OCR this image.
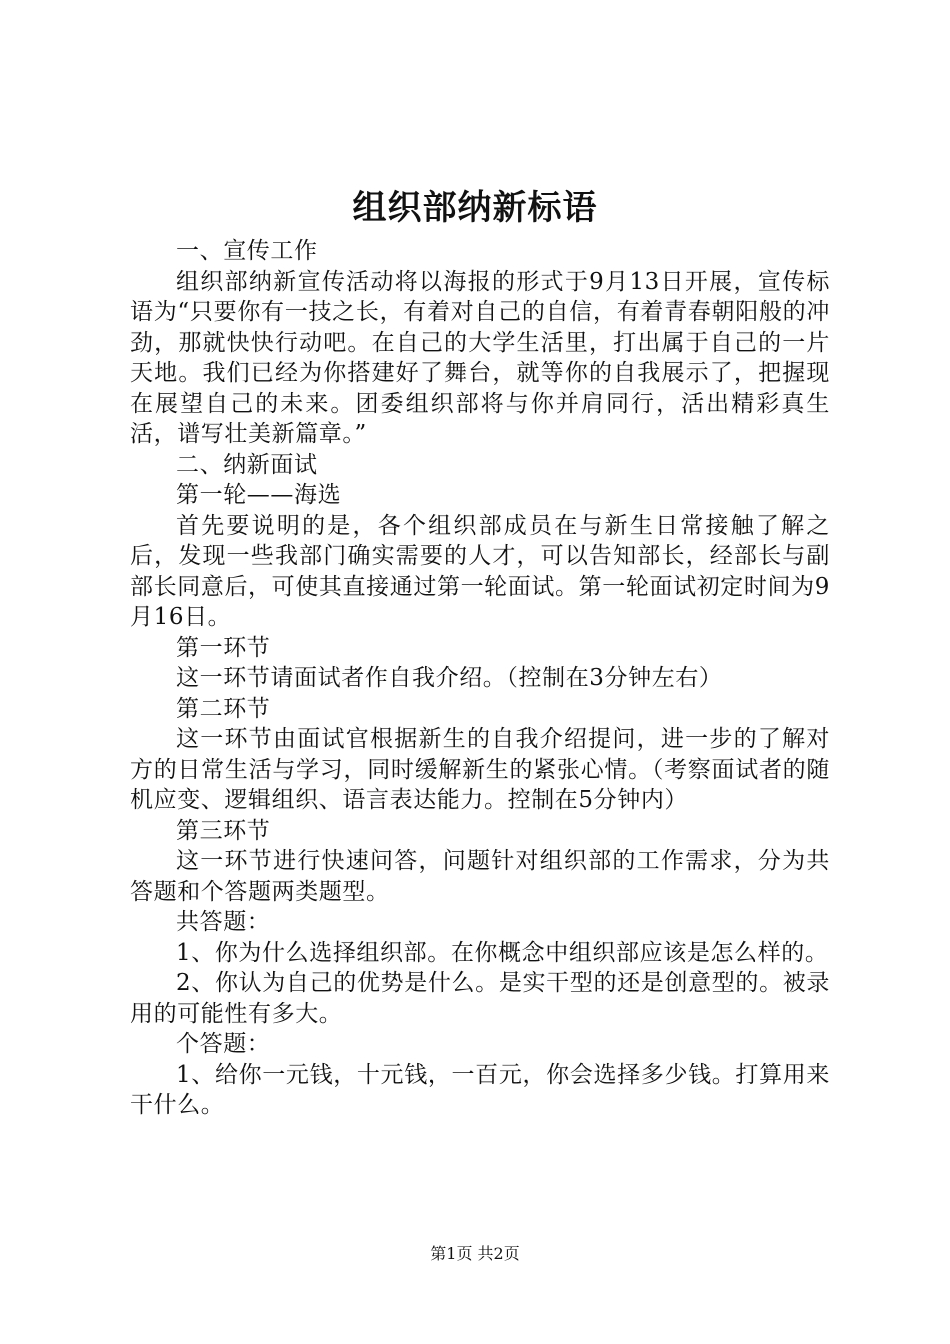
组织部纳新标语

一、宣传工作

组织部纳新宣传活动将以海报的形式于9月13日开展，宣传标语为“只要你有一技之长，有着对自己的自信，有着青春朝阳般的冲劲，那就快快行动吧。在自己的大学生活里，打出属于自己的一片天地。我们已经为你搭建好了舞台，就等你的自我展示了，把握现在展望自己的未来。团委组织部将与你并肩同行，活出精彩真生活，谱写壮美新篇章。”

二、纳新面试

第一轮——海选

首先要说明的是，各个组织部成员在与新生日常接触了解之后，发现一些我部门确实需要的人才，可以告知部长，经部长与副部长同意后，可使其直接通过第一轮面试。第一轮面试初定时间为9月16日。

第一环节

这一环节请面试者作自我介绍。（控制在3分钟左右）

第二环节

这一环节由面试官根据新生的自我介绍提问，进一步的了解对方的日常生活与学习，同时缓解新生的紧张心情。（考察面试者的随机应变、逻辑组织、语言表达能力。控制在5分钟内）

第三环节

这一环节进行快速问答，问题针对组织部的工作需求，分为共答题和个答题两类题型。

共答题：

1、你为什么选择组织部。在你概念中组织部应该是怎么样的。

2、你认为自己的优势是什么。是实干型的还是创意型的。被录用的可能性有多大。

个答题：

1、给你一元钱，十元钱，一百元，你会选择多少钱。打算用来干什么。

第1页 共2页
